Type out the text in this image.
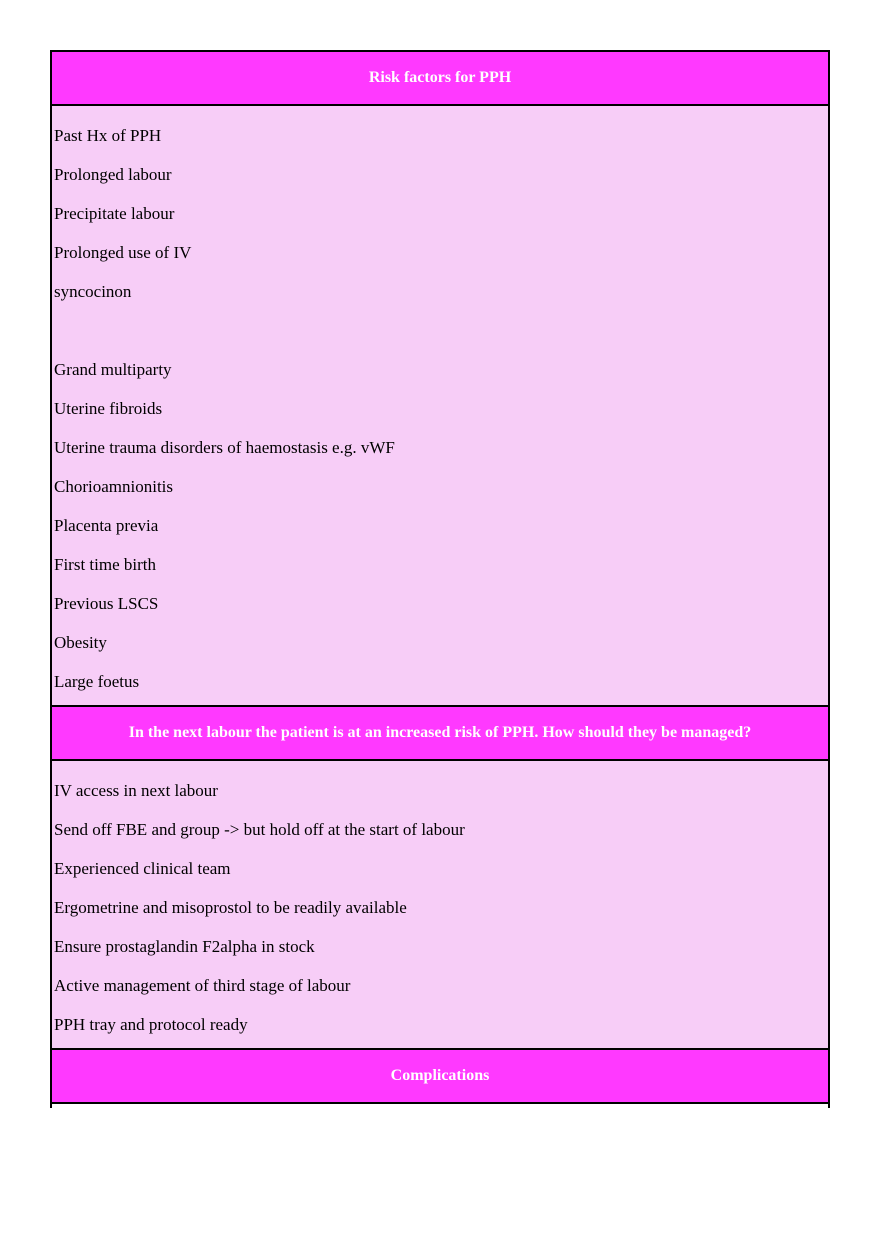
Risk factors for PPH
Past Hx of PPH
Prolonged labour
Precipitate labour
Prolonged use of IV
syncocinon
Grand multiparty
Uterine fibroids
Uterine trauma disorders of haemostasis e.g. vWF
Chorioamnionitis
Placenta previa
First time birth
Previous LSCS
Obesity
Large foetus
In the next labour the patient is at an increased risk of PPH. How should they be managed?
IV access in next labour
Send off FBE and group -> but hold off at the start of labour
Experienced clinical team
Ergometrine and misoprostol to be readily available
Ensure prostaglandin F2alpha in stock
Active management of third stage of labour
PPH tray and protocol ready
Complications
